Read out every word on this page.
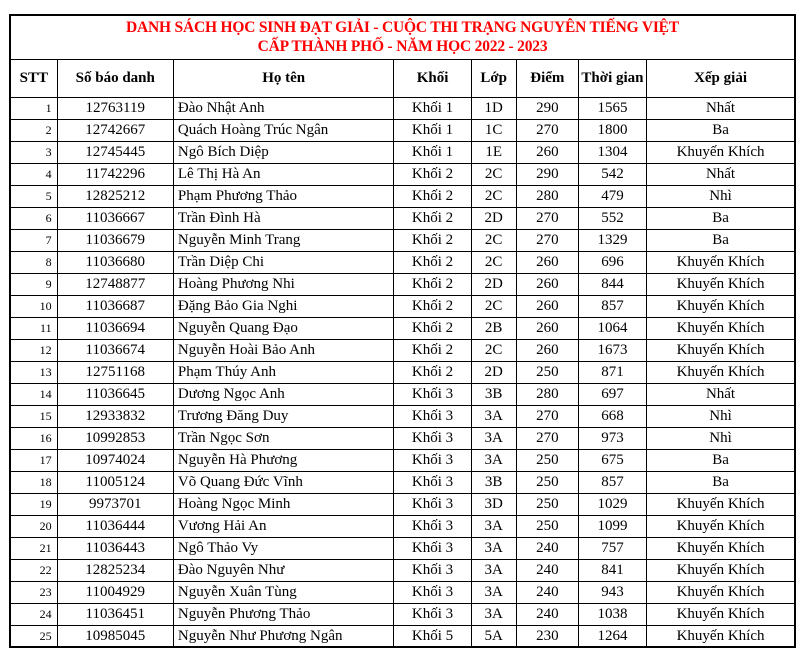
DANH SÁCH HỌC SINH ĐẠT GIẢI - CUỘC THI TRẠNG NGUYÊN TIẾNG VIỆT
CẤP THÀNH PHỐ - NĂM HỌC 2022 - 2023							

STT	Số báo danh	Họ tên	Khối	Lớp	Điểm	Thời gian	Xếp giải
1	12763119	Đào Nhật Anh	Khối 1	1D	290	1565	Nhất
2	12742667	Quách Hoàng Trúc Ngân	Khối 1	1C	270	1800	Ba
3	12745445	Ngô Bích Diệp	Khối 1	1E	260	1304	Khuyến Khích
4	11742296	Lê Thị Hà An	Khối 2	2C	290	542	Nhất
5	12825212	Phạm Phương Thảo	Khối 2	2C	280	479	Nhì
6	11036667	Trần Đình Hà	Khối 2	2D	270	552	Ba
7	11036679	Nguyễn Minh Trang	Khối 2	2C	270	1329	Ba
8	11036680	Trần Diệp Chi	Khối 2	2C	260	696	Khuyến Khích
9	12748877	Hoàng Phương Nhi	Khối 2	2D	260	844	Khuyến Khích
10	11036687	Đặng Bảo Gia Nghi	Khối 2	2C	260	857	Khuyến Khích
11	11036694	Nguyễn Quang Đạo	Khối 2	2B	260	1064	Khuyến Khích
12	11036674	Nguyễn Hoài Bảo Anh	Khối 2	2C	260	1673	Khuyến Khích
13	12751168	Phạm Thúy Anh	Khối 2	2D	250	871	Khuyến Khích
14	11036645	Dương Ngọc Anh	Khối 3	3B	280	697	Nhất
15	12933832	Trương Đăng Duy	Khối 3	3A	270	668	Nhì
16	10992853	Trần Ngọc Sơn	Khối 3	3A	270	973	Nhì
17	10974024	Nguyễn Hà Phương	Khối 3	3A	250	675	Ba
18	11005124	Võ Quang Đức Vĩnh	Khối 3	3B	250	857	Ba
19	9973701	Hoàng Ngọc Minh	Khối 3	3D	250	1029	Khuyến Khích
20	11036444	Vương Hải An	Khối 3	3A	250	1099	Khuyến Khích
21	11036443	Ngô Thảo Vy	Khối 3	3A	240	757	Khuyến Khích
22	12825234	Đào Nguyên Như	Khối 3	3A	240	841	Khuyến Khích
23	11004929	Nguyễn Xuân Tùng	Khối 3	3A	240	943	Khuyến Khích
24	11036451	Nguyễn Phương Thảo	Khối 3	3A	240	1038	Khuyến Khích
25	10985045	Nguyễn Như Phương Ngân	Khối 5	5A	230	1264	Khuyến Khích
